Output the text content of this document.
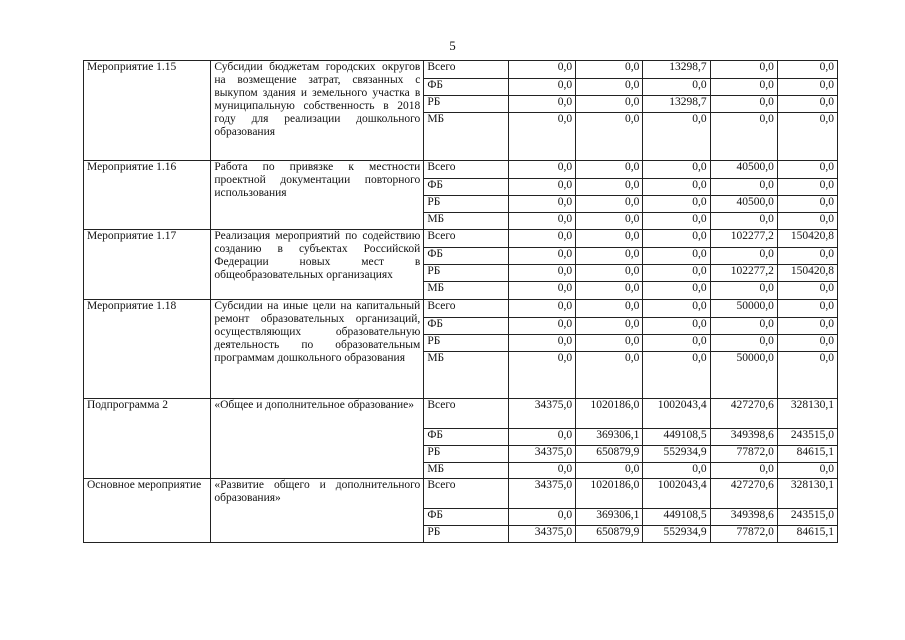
5
Мероприятие 1.15	Субсидии бюджетам городских округов на возмещение затрат, связанных с выкупом здания и земельного участка в муниципальную собственность в 2018 году для реализации дошкольного образования	Всего	0,0	0,0	13298,7	0,0	0,0
		ФБ	0,0	0,0	0,0	0,0	0,0
		РБ	0,0	0,0	13298,7	0,0	0,0
		МБ	0,0	0,0	0,0	0,0	0,0
Мероприятие 1.16	Работа по привязке к местности проектной документации повторного использования	Всего	0,0	0,0	0,0	40500,0	0,0
		ФБ	0,0	0,0	0,0	0,0	0,0
		РБ	0,0	0,0	0,0	40500,0	0,0
		МБ	0,0	0,0	0,0	0,0	0,0
Мероприятие 1.17	Реализация мероприятий по содействию созданию в субъектах Российской Федерации новых мест в общеобразовательных организациях	Всего	0,0	0,0	0,0	102277,2	150420,8
		ФБ	0,0	0,0	0,0	0,0	0,0
		РБ	0,0	0,0	0,0	102277,2	150420,8
		МБ	0,0	0,0	0,0	0,0	0,0
Мероприятие 1.18	Субсидии на иные цели на капитальный ремонт образовательных организаций, осуществляющих образовательную деятельность по образовательным программам дошкольного образования	Всего	0,0	0,0	0,0	50000,0	0,0
		ФБ	0,0	0,0	0,0	0,0	0,0
		РБ	0,0	0,0	0,0	0,0	0,0
		МБ	0,0	0,0	0,0	50000,0	0,0
Подпрограмма 2	«Общее и дополнительное образование»	Всего	34375,0	1020186,0	1002043,4	427270,6	328130,1
		ФБ	0,0	369306,1	449108,5	349398,6	243515,0
		РБ	34375,0	650879,9	552934,9	77872,0	84615,1
		МБ	0,0	0,0	0,0	0,0	0,0
Основное мероприятие	«Развитие общего и дополнительного образования»	Всего	34375,0	1020186,0	1002043,4	427270,6	328130,1
		ФБ	0,0	369306,1	449108,5	349398,6	243515,0
		РБ	34375,0	650879,9	552934,9	77872,0	84615,1
